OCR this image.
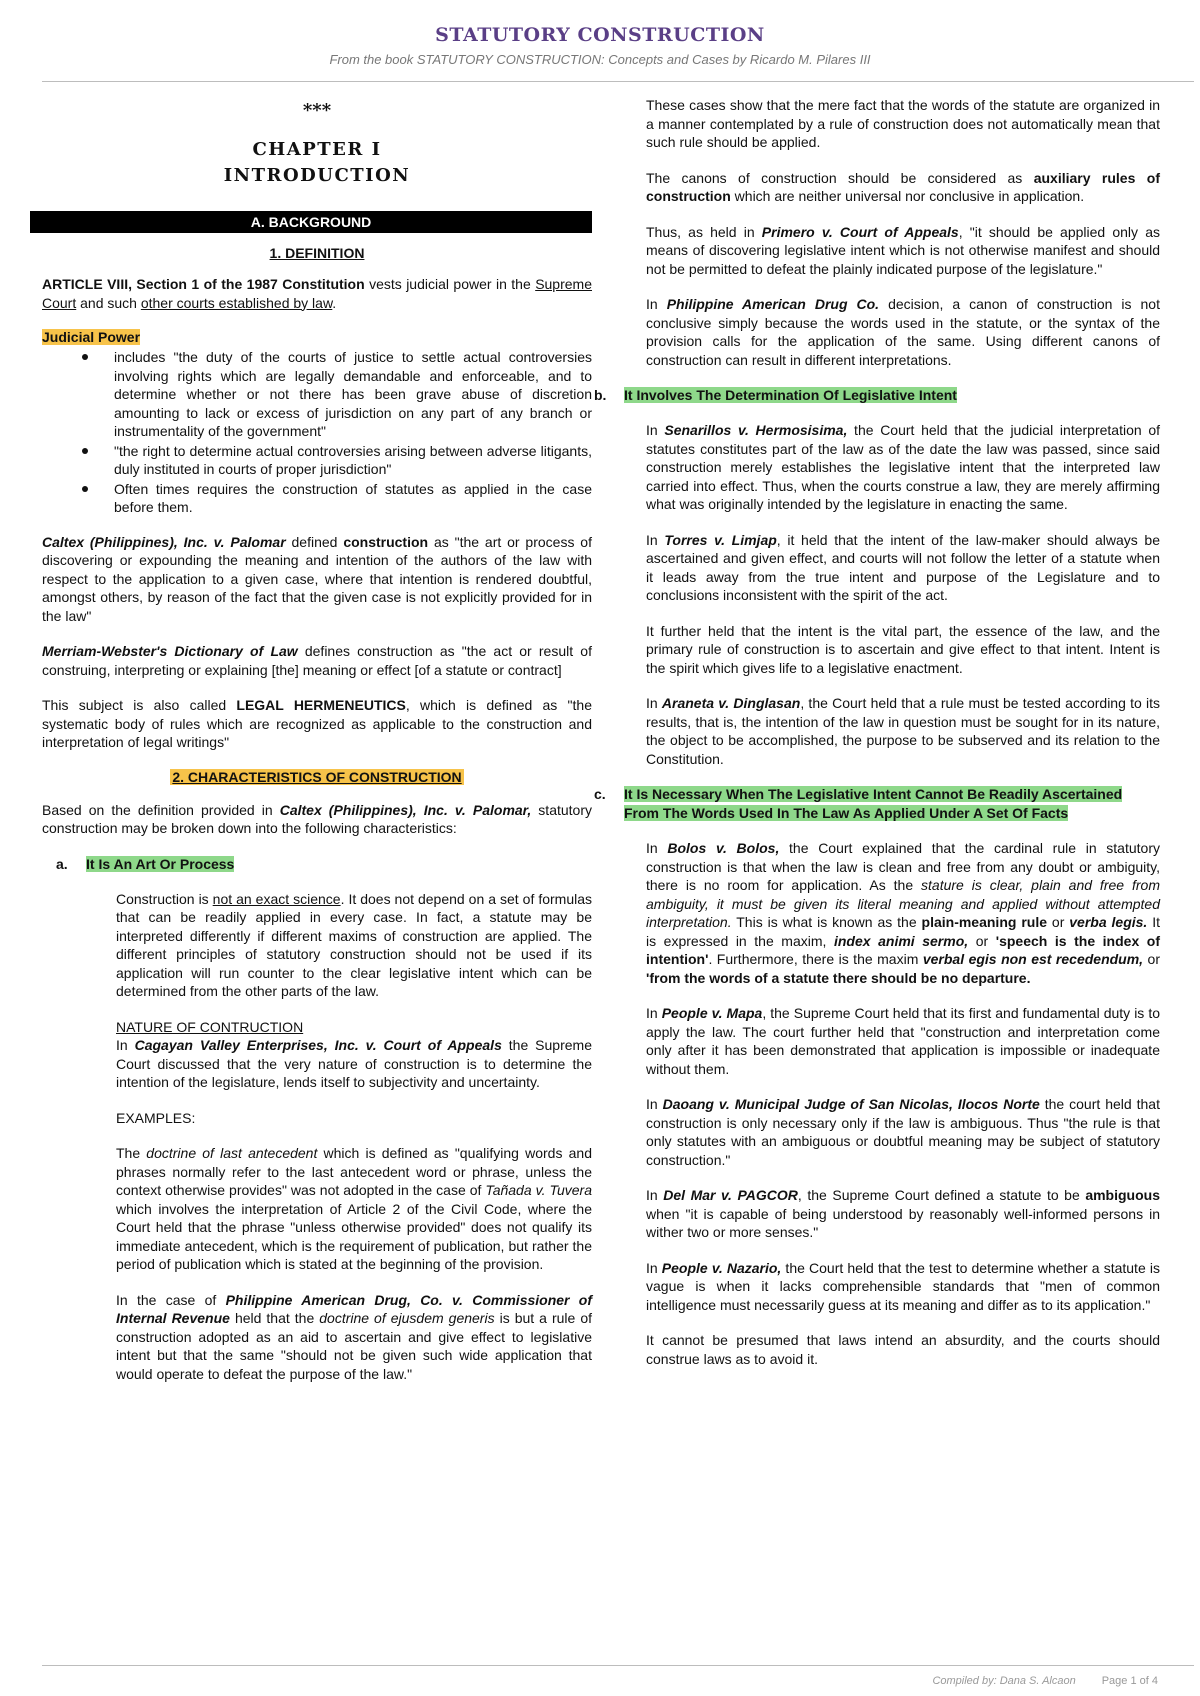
STATUTORY CONSTRUCTION
From the book STATUTORY CONSTRUCTION: Concepts and Cases by Ricardo M. Pilares III
***
CHAPTER I
INTRODUCTION
A. BACKGROUND
1. DEFINITION

ARTICLE VIII, Section 1 of the 1987 Constitution vests judicial power in the Supreme Court and such other courts established by law.

Judicial Power
includes "the duty of the courts of justice to settle actual controversies involving rights which are legally demandable and enforceable, and to determine whether or not there has been grave abuse of discretion amounting to lack or excess of jurisdiction on any part of any branch or instrumentality of the government"
"the right to determine actual controversies arising between adverse litigants, duly instituted in courts of proper jurisdiction"
Often times requires the construction of statutes as applied in the case before them.

Caltex (Philippines), Inc. v. Palomar defined construction as "the art or process of discovering or expounding the meaning and intention of the authors of the law with respect to the application to a given case, where that intention is rendered doubtful, amongst others, by reason of the fact that the given case is not explicitly provided for in the law"

Merriam-Webster's Dictionary of Law defines construction as "the act or result of construing, interpreting or explaining [the] meaning or effect [of a statute or contract]

This subject is also called LEGAL HERMENEUTICS, which is defined as "the systematic body of rules which are recognized as applicable to the construction and interpretation of legal writings"

2. CHARACTERISTICS OF CONSTRUCTION

Based on the definition provided in Caltex (Philippines), Inc. v. Palomar, statutory construction may be broken down into the following characteristics:

a.	It Is An Art Or Process

Construction is not an exact science. It does not depend on a set of formulas that can be readily applied in every case. In fact, a statute may be interpreted differently if different maxims of construction are applied. The different principles of statutory construction should not be used if its application will run counter to the clear legislative intent which can be determined from the other parts of the law.

NATURE OF CONTRUCTION
In Cagayan Valley Enterprises, Inc. v. Court of Appeals the Supreme Court discussed that the very nature of construction is to determine the intention of the legislature, lends itself to subjectivity and uncertainty.

EXAMPLES:

The doctrine of last antecedent which is defined as "qualifying words and phrases normally refer to the last antecedent word or phrase, unless the context otherwise provides" was not adopted in the case of Tañada v. Tuvera which involves the interpretation of Article 2 of the Civil Code, where the Court held that the phrase "unless otherwise provided" does not qualify its immediate antecedent, which is the requirement of publication, but rather the period of publication which is stated at the beginning of the provision.

In the case of Philippine American Drug, Co. v. Commissioner of Internal Revenue held that the doctrine of ejusdem generis is but a rule of construction adopted as an aid to ascertain and give effect to legislative intent but that the same "should not be given such wide application that would operate to defeat the purpose of the law."

These cases show that the mere fact that the words of the statute are organized in a manner contemplated by a rule of construction does not automatically mean that such rule should be applied.

The canons of construction should be considered as auxiliary rules of construction which are neither universal nor conclusive in application.

Thus, as held in Primero v. Court of Appeals, "it should be applied only as means of discovering legislative intent which is not otherwise manifest and should not be permitted to defeat the plainly indicated purpose of the legislature."

In Philippine American Drug Co. decision, a canon of construction is not conclusive simply because the words used in the statute, or the syntax of the provision calls for the application of the same. Using different canons of construction can result in different interpretations.

b.	It Involves The Determination Of Legislative Intent

In Senarillos v. Hermosisima, the Court held that the judicial interpretation of statutes constitutes part of the law as of the date the law was passed, since said construction merely establishes the legislative intent that the interpreted law carried into effect. Thus, when the courts construe a law, they are merely affirming what was originally intended by the legislature in enacting the same.

In Torres v. Limjap, it held that the intent of the law-maker should always be ascertained and given effect, and courts will not follow the letter of a statute when it leads away from the true intent and purpose of the Legislature and to conclusions inconsistent with the spirit of the act.

It further held that the intent is the vital part, the essence of the law, and the primary rule of construction is to ascertain and give effect to that intent. Intent is the spirit which gives life to a legislative enactment.

In Araneta v. Dinglasan, the Court held that a rule must be tested according to its results, that is, the intention of the law in question must be sought for in its nature, the object to be accomplished, the purpose to be subserved and its relation to the Constitution.

c.	It Is Necessary When The Legislative Intent Cannot Be Readily Ascertained From The Words Used In The Law As Applied Under A Set Of Facts

In Bolos v. Bolos, the Court explained that the cardinal rule in statutory construction is that when the law is clean and free from any doubt or ambiguity, there is no room for application. As the stature is clear, plain and free from ambiguity, it must be given its literal meaning and applied without attempted interpretation. This is what is known as the plain-meaning rule or verba legis. It is expressed in the maxim, index animi sermo, or 'speech is the index of intention'. Furthermore, there is the maxim verbal egis non est recedendum, or 'from the words of a statute there should be no departure.

In People v. Mapa, the Supreme Court held that its first and fundamental duty is to apply the law. The court further held that "construction and interpretation come only after it has been demonstrated that application is impossible or inadequate without them.

In Daoang v. Municipal Judge of San Nicolas, Ilocos Norte the court held that construction is only necessary only if the law is ambiguous. Thus "the rule is that only statutes with an ambiguous or doubtful meaning may be subject of statutory construction."

In Del Mar v. PAGCOR, the Supreme Court defined a statute to be ambiguous when "it is capable of being understood by reasonably well-informed persons in wither two or more senses."

In People v. Nazario, the Court held that the test to determine whether a statute is vague is when it lacks comprehensible standards that "men of common intelligence must necessarily guess at its meaning and differ as to its application."

It cannot be presumed that laws intend an absurdity, and the courts should construe laws as to avoid it.

Compiled by: Dana S. Alcaon Page 1 of 4
